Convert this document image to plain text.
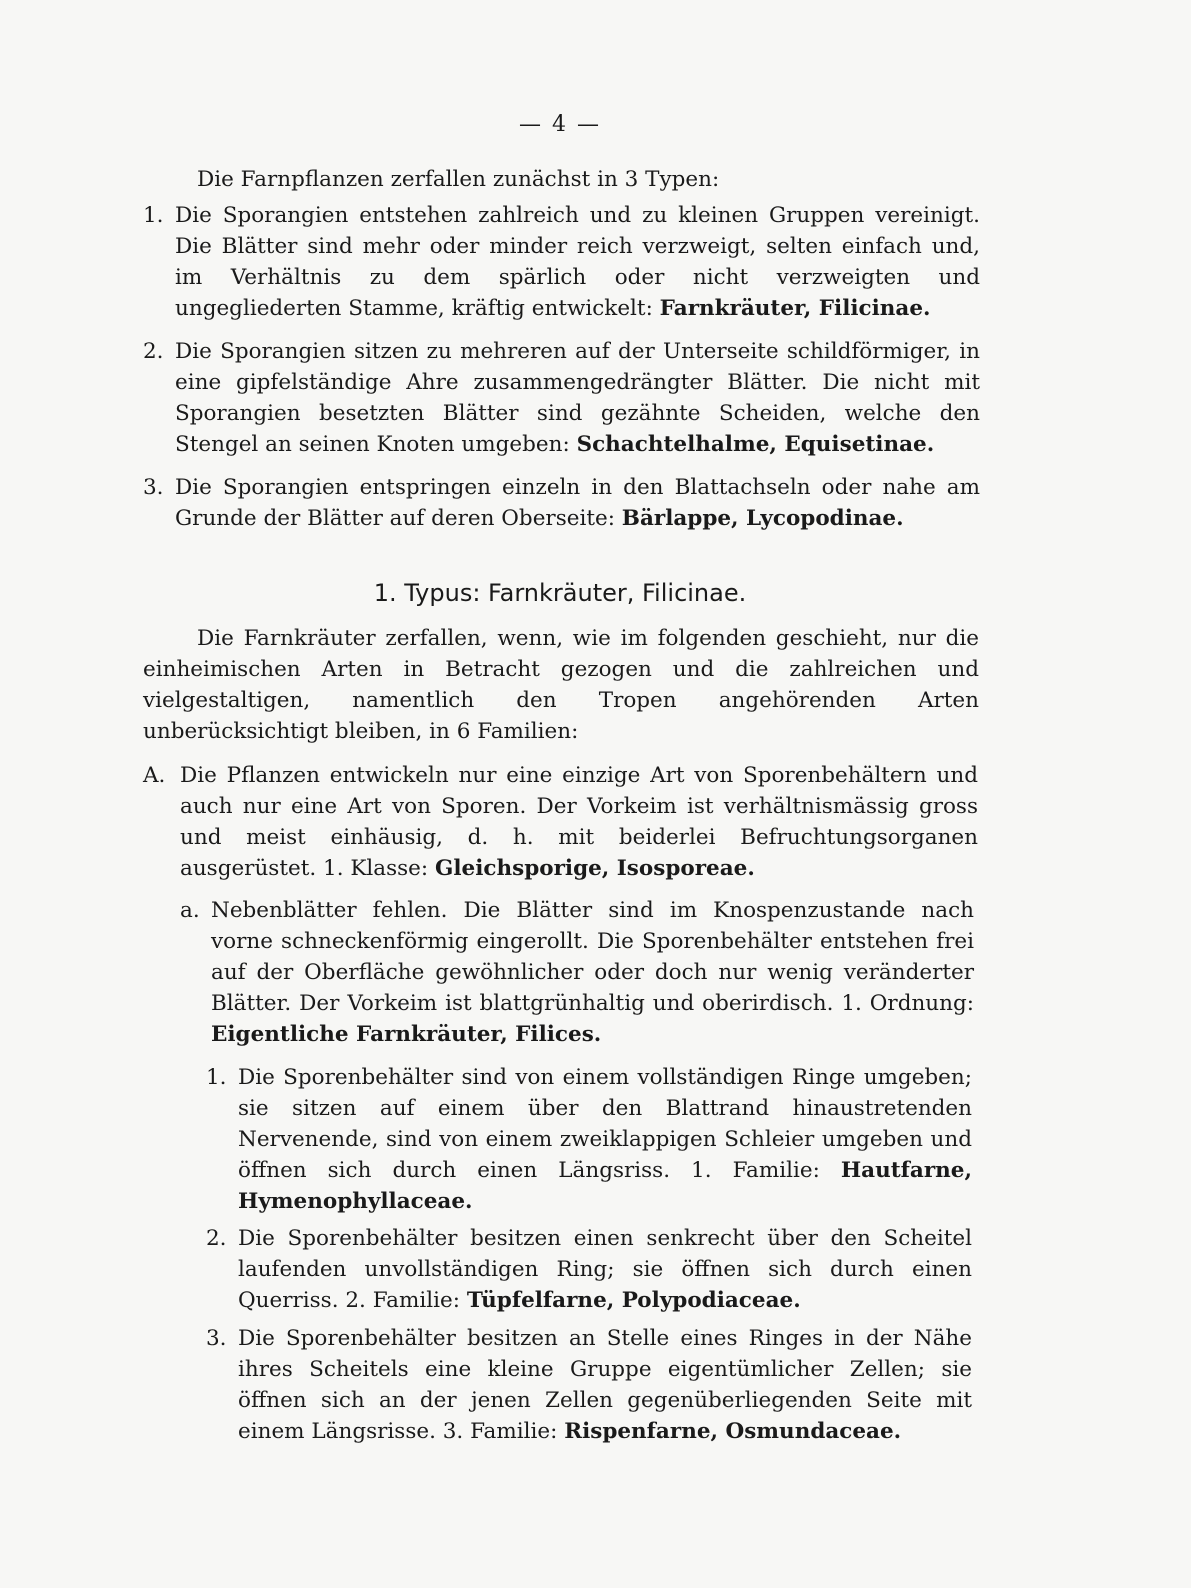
— 4 —

Die Farnpflanzen zerfallen zunächst in 3 Typen:

1. Die Sporangien entstehen zahlreich und zu kleinen Gruppen vereinigt. Die Blätter sind mehr oder minder reich verzweigt, selten einfach und, im Verhältnis zu dem spärlich oder nicht verzweigten und ungegliederten Stamme, kräftig entwickelt: Farnkräuter, Filicinae.
2. Die Sporangien sitzen zu mehreren auf der Unterseite schildförmiger, in eine gipfelständige Ahre zusammengedrängter Blätter. Die nicht mit Sporangien besetzten Blätter sind gezähnte Scheiden, welche den Stengel an seinen Knoten umgeben: Schachtelhalme, Equisetinae.
3. Die Sporangien entspringen einzeln in den Blattachseln oder nahe am Grunde der Blätter auf deren Oberseite: Bärlappe, Lycopodinae.
1. Typus: Farnkräuter, Filicinae.

Die Farnkräuter zerfallen, wenn, wie im folgenden geschieht, nur die einheimischen Arten in Betracht gezogen und die zahlreichen und vielgestaltigen, namentlich den Tropen angehörenden Arten unberücksichtigt bleiben, in 6 Familien:

A. Die Pflanzen entwickeln nur eine einzige Art von Sporenbehältern und auch nur eine Art von Sporen. Der Vorkeim ist verhältnismässig gross und meist einhäusig, d. h. mit beiderlei Befruchtungsorganen ausgerüstet. 1. Klasse: Gleichsporige, Isosporeae.
a. Nebenblätter fehlen. Die Blätter sind im Knospenzustande nach vorne schneckenförmig eingerollt. Die Sporenbehälter entstehen frei auf der Oberfläche gewöhnlicher oder doch nur wenig veränderter Blätter. Der Vorkeim ist blattgrünhaltig und oberirdisch. 1. Ordnung: Eigentliche Farnkräuter, Filices.
1. Die Sporenbehälter sind von einem vollständigen Ringe umgeben; sie sitzen auf einem über den Blattrand hinaustretenden Nervenende, sind von einem zweiklappigen Schleier umgeben und öffnen sich durch einen Längsriss. 1. Familie: Hautfarne, Hymenophyllaceae.
2. Die Sporenbehälter besitzen einen senkrecht über den Scheitel laufenden unvollständigen Ring; sie öffnen sich durch einen Querriss. 2. Familie: Tüpfelfarne, Polypodiaceae.
3. Die Sporenbehälter besitzen an Stelle eines Ringes in der Nähe ihres Scheitels eine kleine Gruppe eigentümlicher Zellen; sie öffnen sich an der jenen Zellen gegenüberliegenden Seite mit einem Längsrisse. 3. Familie: Rispenfarne, Osmundaceae.
